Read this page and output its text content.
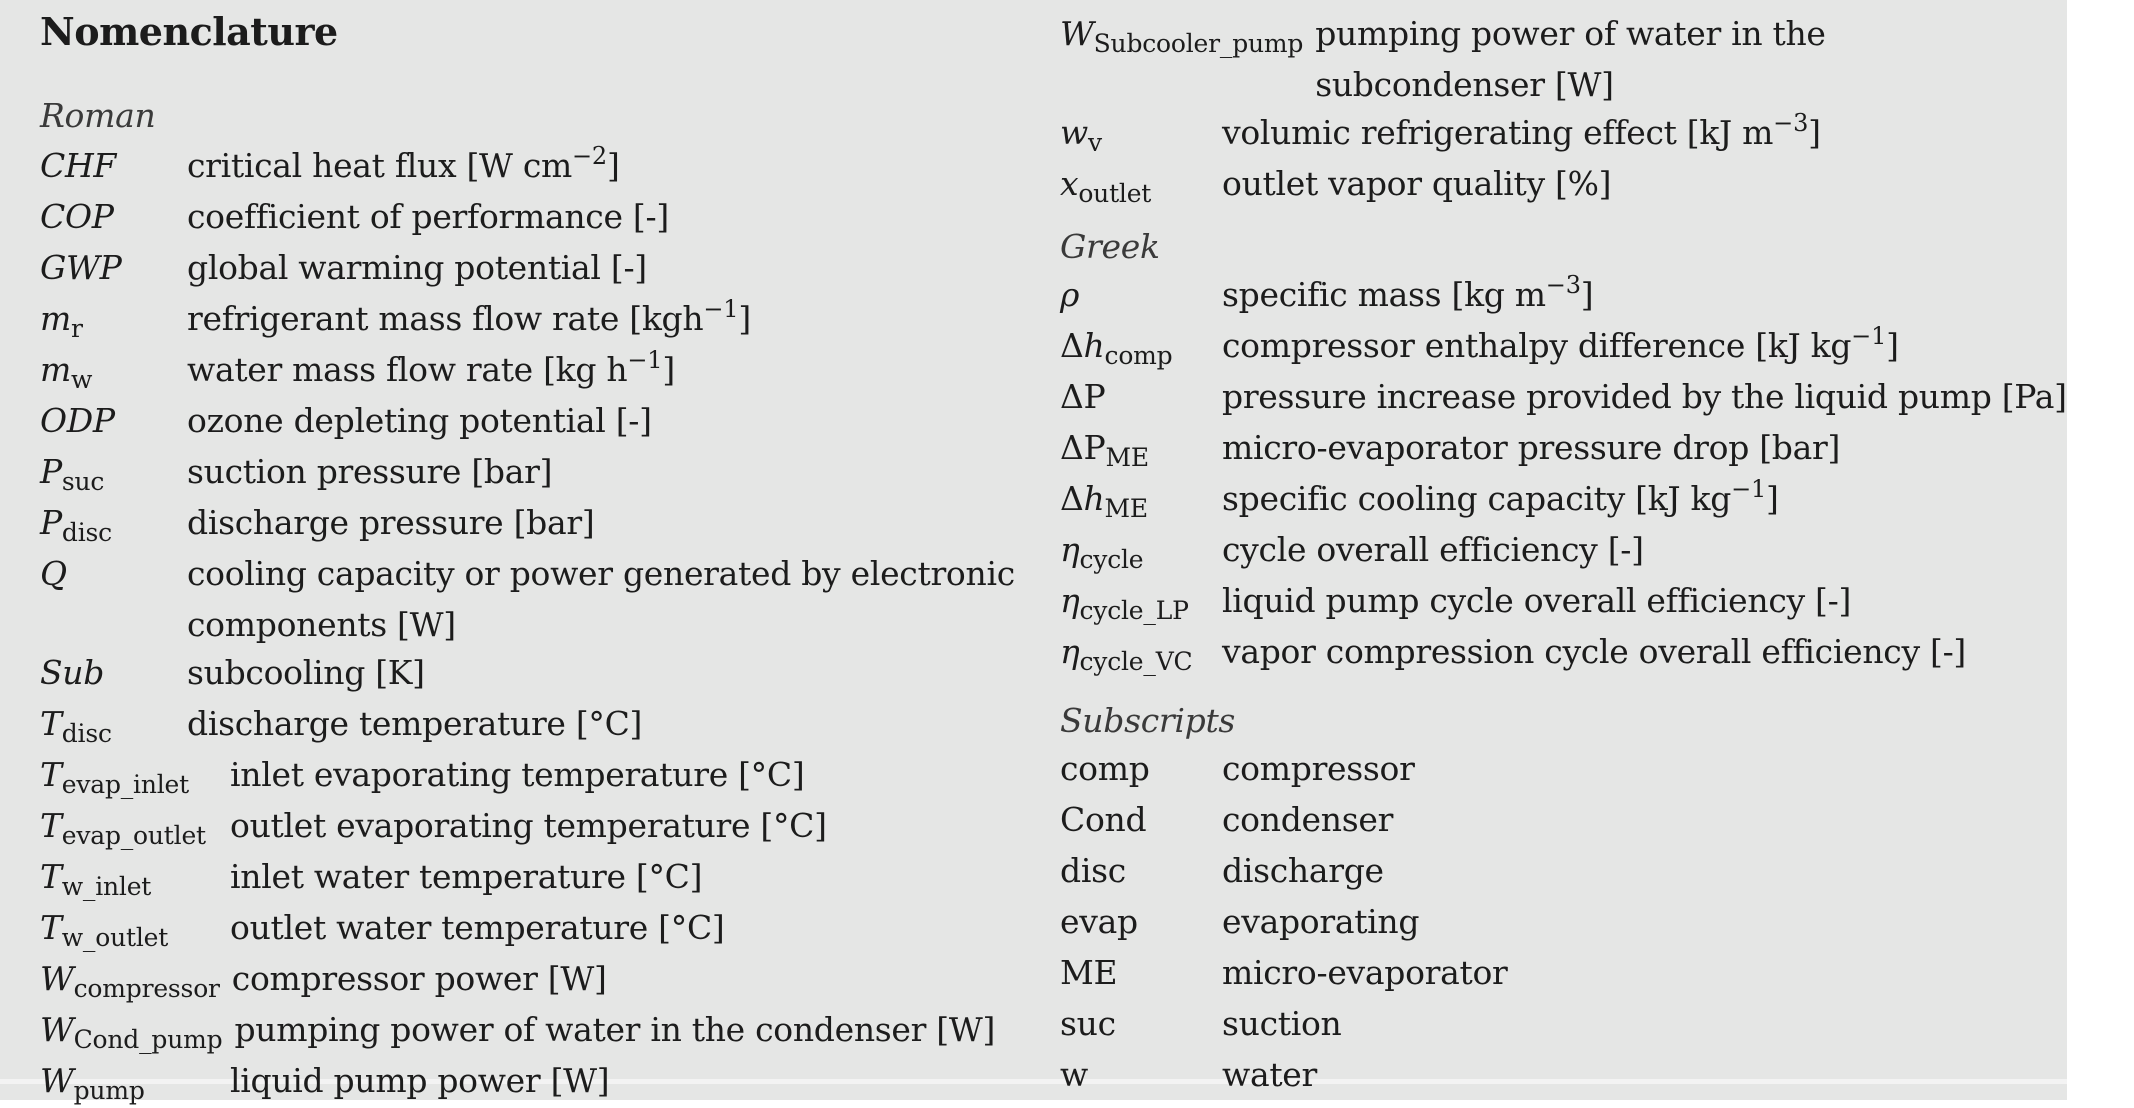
Nomenclature
Roman
CHF	critical heat flux [W $cm^{-2}$]
COP	coefficient of performance [-]
GWP	global warming potential [-]
$m_r$	refrigerant mass flow rate [kgh$^{-1}$]
$m_w$	water mass flow rate [kg $h^{-1}$]
ODP	ozone depleting potential [-]
$P_{suc}$	suction pressure [bar]
$P_{disc}$	discharge pressure [bar]
Q	cooling capacity or power generated by electronic
components [W]
Sub	subcooling [K]
$T_{disc}$	discharge temperature [°C]
$T_{evap\_inlet}$	inlet evaporating temperature [°C]
$T_{evap\_outlet}$ outlet evaporating temperature [°C]
$T_{w\_inlet}$	inlet water temperature [°C]
$T_{w\_outlet}$	outlet water temperature [°C]
$W_{compressor}$ compressor power [W]
$W_{Cond\_pump}$ pumping power of water in the condenser [W]
$W_{pump}$	liquid pump power [W]
$W_{Subcooler\_pump}$ pumping power of water in the
subcondenser [W]
$w_v$	volumic refrigerating effect [kJ $m^{-3}$]
$x_{outlet}$	outlet vapor quality [%]
Greek
ρ	specific mass [kg $m^{-3}$]
$\Delta h_{comp}$	compressor enthalpy difference [kJ $kg^{-1}$]
ΔP	pressure increase provided by the liquid pump [Pa]
$\Delta P_{ME}$	micro-evaporator pressure drop [bar]
$\Delta h_{ME}$	specific cooling capacity [kJ $kg^{-1}$]
$\eta_{cycle}$	cycle overall efficiency [-]
$\eta_{cycle\_LP}$	liquid pump cycle overall efficiency [-]
$\eta_{cycle\_VC}$ vapor compression cycle overall efficiency [-]
Subscripts
comp	compressor
Cond	condenser
disc	discharge
evap	evaporating
ME	micro-evaporator
suc	suction
w	water
